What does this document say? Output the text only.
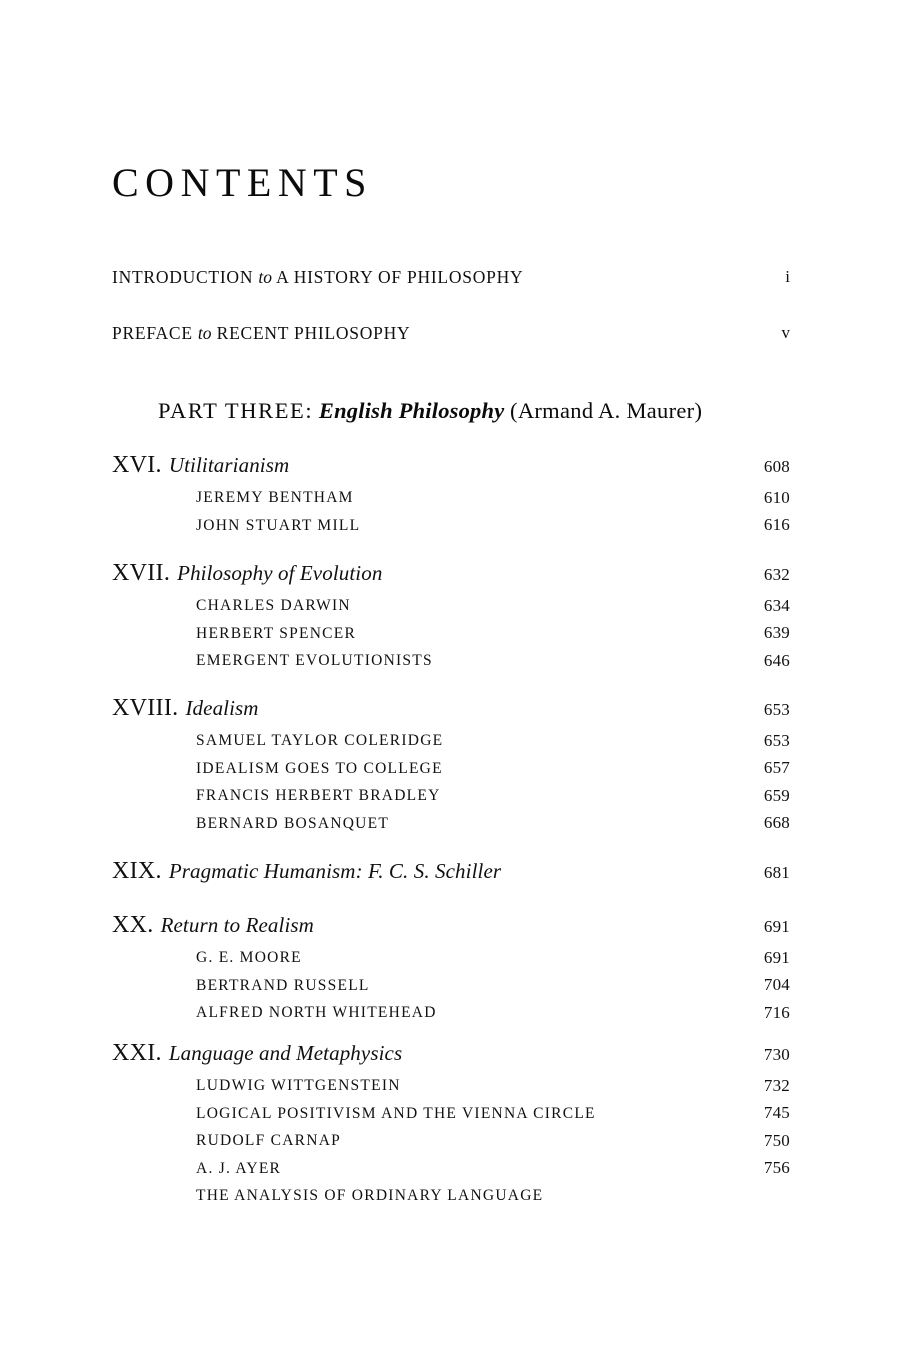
CONTENTS
INTRODUCTION to A HISTORY OF PHILOSOPHY	i
PREFACE to RECENT PHILOSOPHY	v
PART THREE: English Philosophy (Armand A. Maurer)
XVI. Utilitarianism	608
JEREMY BENTHAM	610
JOHN STUART MILL	616
XVII. Philosophy of Evolution	632
CHARLES DARWIN	634
HERBERT SPENCER	639
EMERGENT EVOLUTIONISTS	646
XVIII. Idealism	653
SAMUEL TAYLOR COLERIDGE	653
IDEALISM GOES TO COLLEGE	657
FRANCIS HERBERT BRADLEY	659
BERNARD BOSANQUET	668
XIX. Pragmatic Humanism: F. C. S. Schiller	681
XX. Return to Realism	691
G. E. MOORE	691
BERTRAND RUSSELL	704
ALFRED NORTH WHITEHEAD	716
XXI. Language and Metaphysics	730
LUDWIG WITTGENSTEIN	732
LOGICAL POSITIVISM AND THE VIENNA CIRCLE	745
RUDOLF CARNAP	750
A. J. AYER	756
THE ANALYSIS OF ORDINARY LANGUAGE
